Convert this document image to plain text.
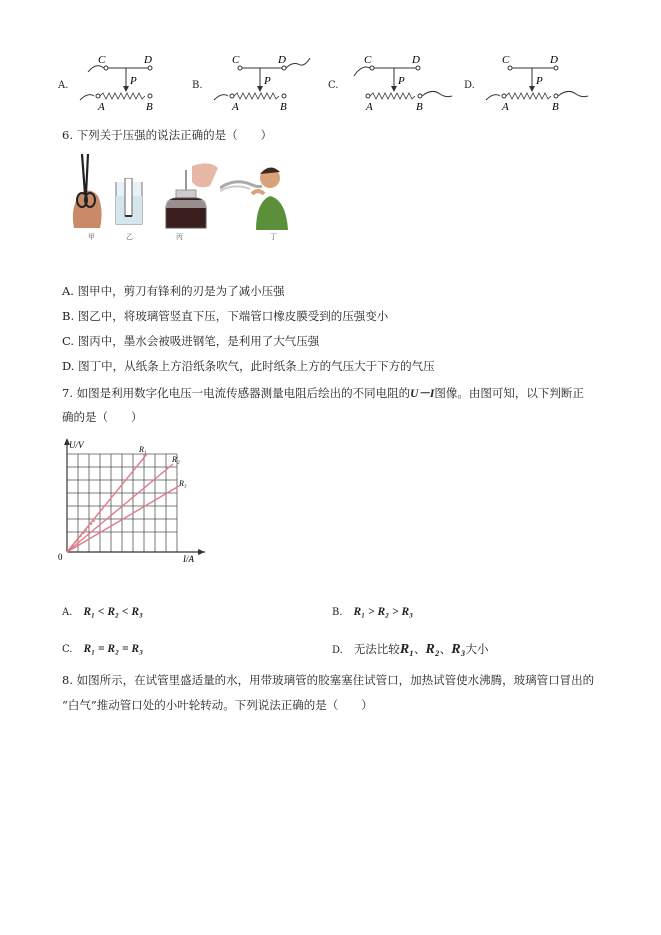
A.
C	D
P
A	B
B.
C	D
P
A	B
C.
C	D
P
A	B
D.
C	D
P
A	B
6. 下列关于压强的说法正确的是（　　）
甲	乙	丙	丁
A. 图甲中，剪刀有锋利的刃是为了减小压强
B. 图乙中，将玻璃管竖直下压，下端管口橡皮膜受到的压强变小
C. 图丙中，墨水会被吸进钢笔，是利用了大气压强
D. 图丁中，从纸条上方沿纸条吹气，此时纸条上方的气压大于下方的气压
7. 如图是利用数字化电压一电流传感器测量电阻后绘出的不同电阻的U－I图像。由图可知，以下判断正
确的是（　　）
U/V
I/A
0
R₁
R₂
R₃
A. R₁ < R₂ < R₃	B. R₁ > R₂ > R₃
C. R₁ = R₂ = R₃	D. 无法比较R₁、R₂、R₃大小
8. 如图所示，在试管里盛适量的水，用带玻璃管的胶塞塞住试管口，加热试管使水沸腾，玻璃管口冒出的
“白气”推动管口处的小叶轮转动。下列说法正确的是（　　）
